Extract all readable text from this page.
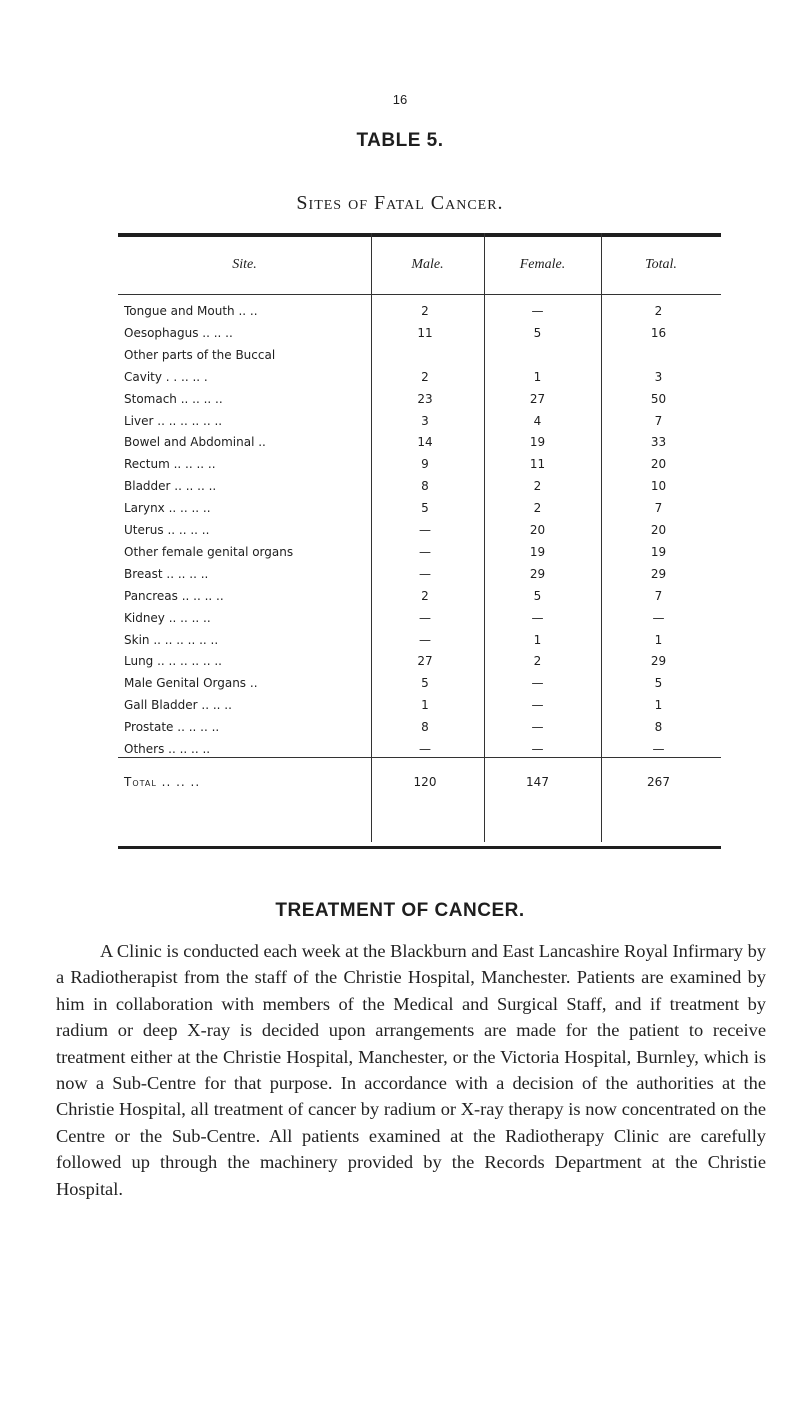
16
TABLE 5.
Sites of Fatal Cancer.
Site.	Male.	Female.	Total.
Tongue and Mouth .. ..	2	—	2
Oesophagus .. .. ..	11	5	16
Other parts of the Buccal
Cavity . . .. .. .	2	1	3
Stomach .. .. .. ..	23	27	50
Liver .. .. .. .. .. ..	3	4	7
Bowel and Abdominal ..	14	19	33
Rectum .. .. .. ..	9	11	20
Bladder .. .. .. ..	8	2	10
Larynx .. .. .. ..	5	2	7
Uterus .. .. .. ..	—	20	20
Other female genital organs	—	19	19
Breast .. .. .. ..	—	29	29
Pancreas .. .. .. ..	2	5	7
Kidney .. .. .. ..	—	—	—
Skin .. .. .. .. .. ..	—	1	1
Lung .. .. .. .. .. ..	27	2	29
Male Genital Organs ..	5	—	5
Gall Bladder .. .. ..	1	—	1
Prostate .. .. .. ..	8	—	8
Others .. .. .. ..	—	—	—
Total .. .. ..	120	147	267
TREATMENT OF CANCER.
A Clinic is conducted each week at the Blackburn and East Lancashire Royal Infirmary by a Radiotherapist from the staff of the Christie Hospital, Manchester. Patients are examined by him in collaboration with members of the Medical and Surgical Staff, and if treatment by radium or deep X-ray is decided upon arrangements are made for the patient to receive treatment either at the Christie Hospital, Manchester, or the Victoria Hospital, Burnley, which is now a Sub-Centre for that purpose. In accordance with a decision of the authorities at the Christie Hospital, all treatment of cancer by radium or X-ray therapy is now concentrated on the Centre or the Sub-Centre. All patients examined at the Radiotherapy Clinic are carefully followed up through the machinery provided by the Records Department at the Christie Hospital.
